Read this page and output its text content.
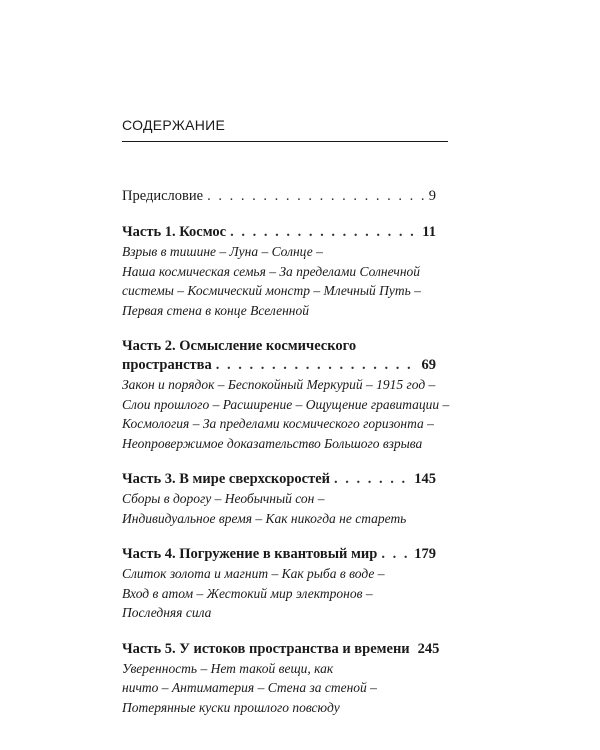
СОДЕРЖАНИЕ
Предисловие . . .	9
Часть 1. Космос . . .	11
Взрыв в тишине – Луна – Солнце –
Наша космическая семья – За пределами Солнечной
системы – Космический монстр – Млечный Путь –
Первая стена в конце Вселенной
Часть 2. Осмысление космического
пространства . . .	69
Закон и порядок – Беспокойный Меркурий – 1915 год –
Слои прошлого – Расширение – Ощущение гравитации –
Космология – За пределами космического горизонта –
Неопровержимое доказательство Большого взрыва
Часть 3. В мире сверхскоростей . . .	145
Сборы в дорогу – Необычный сон –
Индивидуальное время – Как никогда не стареть
Часть 4. Погружение в квантовый мир . . .	179
Слиток золота и магнит – Как рыба в воде –
Вход в атом – Жестокий мир электронов –
Последняя сила
Часть 5. У истоков пространства и времени 245
Уверенность – Нет такой вещи, как
ничто – Антиматерия – Стена за стеной –
Потерянные куски прошлого повсюду
